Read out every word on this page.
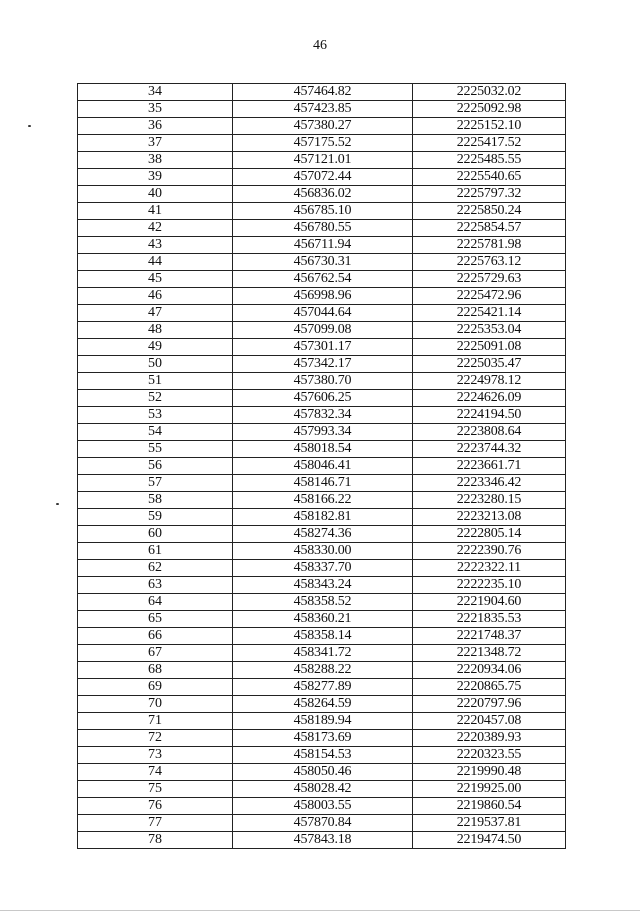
46
34	457464.82	2225032.02
35	457423.85	2225092.98
36	457380.27	2225152.10
37	457175.52	2225417.52
38	457121.01	2225485.55
39	457072.44	2225540.65
40	456836.02	2225797.32
41	456785.10	2225850.24
42	456780.55	2225854.57
43	456711.94	2225781.98
44	456730.31	2225763.12
45	456762.54	2225729.63
46	456998.96	2225472.96
47	457044.64	2225421.14
48	457099.08	2225353.04
49	457301.17	2225091.08
50	457342.17	2225035.47
51	457380.70	2224978.12
52	457606.25	2224626.09
53	457832.34	2224194.50
54	457993.34	2223808.64
55	458018.54	2223744.32
56	458046.41	2223661.71
57	458146.71	2223346.42
58	458166.22	2223280.15
59	458182.81	2223213.08
60	458274.36	2222805.14
61	458330.00	2222390.76
62	458337.70	2222322.11
63	458343.24	2222235.10
64	458358.52	2221904.60
65	458360.21	2221835.53
66	458358.14	2221748.37
67	458341.72	2221348.72
68	458288.22	2220934.06
69	458277.89	2220865.75
70	458264.59	2220797.96
71	458189.94	2220457.08
72	458173.69	2220389.93
73	458154.53	2220323.55
74	458050.46	2219990.48
75	458028.42	2219925.00
76	458003.55	2219860.54
77	457870.84	2219537.81
78	457843.18	2219474.50
